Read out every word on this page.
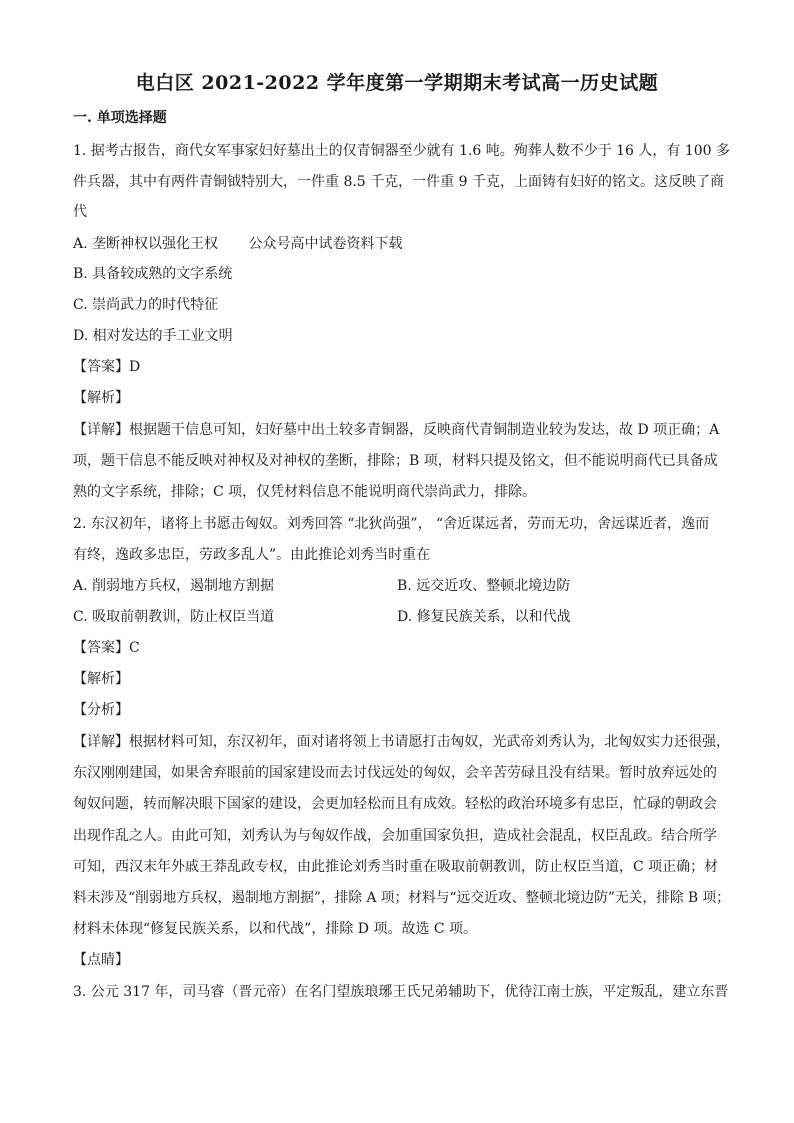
电白区 2021-2022 学年度第一学期期末考试高一历史试题
一. 单项选择题
1. 据考古报告，商代女军事家妇好墓出土的仅青铜器至少就有 1.6 吨。殉葬人数不少于 16 人，有 100 多
件兵器，其中有两件青铜钺特别大，一件重 8.5 千克，一件重 9 千克，上面铸有妇好的铭文。这反映了商
代
A. 垄断神权以强化王权 公众号高中试卷资料下载
B. 具备较成熟的文字系统
C. 崇尚武力的时代特征
D. 相对发达的手工业文明
【答案】D
【解析】
【详解】根据题干信息可知，妇好墓中出土较多青铜器，反映商代青铜制造业较为发达，故 D 项正确；A
项，题干信息不能反映对神权及对神权的垄断，排除；B 项，材料只提及铭文，但不能说明商代已具备成
熟的文字系统，排除；C 项，仅凭材料信息不能说明商代崇尚武力，排除。
2. 东汉初年，诸将上书愿击匈奴。刘秀回答 “北狄尚强”， “舍近谋远者，劳而无功，舍远谋近者，逸而
有终，逸政多忠臣，劳政多乱人”。由此推论刘秀当时重在
A. 削弱地方兵权，遏制地方割据	B. 远交近攻、整顿北境边防
C. 吸取前朝教训，防止权臣当道	D. 修复民族关系，以和代战
【答案】C
【解析】
【分析】
【详解】根据材料可知，东汉初年，面对诸将领上书请愿打击匈奴，光武帝刘秀认为，北匈奴实力还很强，
东汉刚刚建国，如果舍弃眼前的国家建设而去讨伐远处的匈奴，会辛苦劳碌且没有结果。暂时放弃远处的
匈奴问题，转而解决眼下国家的建设，会更加轻松而且有成效。轻松的政治环境多有忠臣，忙碌的朝政会
出现作乱之人。由此可知，刘秀认为与匈奴作战，会加重国家负担，造成社会混乱，权臣乱政。结合所学
可知，西汉末年外戚王莽乱政专权，由此推论刘秀当时重在吸取前朝教训，防止权臣当道，C 项正确；材
料未涉及“削弱地方兵权，遏制地方割据”，排除 A 项；材料与“远交近攻、整顿北境边防”无关，排除 B 项；
材料未体现“修复民族关系，以和代战”，排除 D 项。故选 C 项。
【点睛】
3. 公元 317 年，司马睿（晋元帝）在名门望族琅琊王氏兄弟辅助下，优待江南士族，平定叛乱，建立东晋
